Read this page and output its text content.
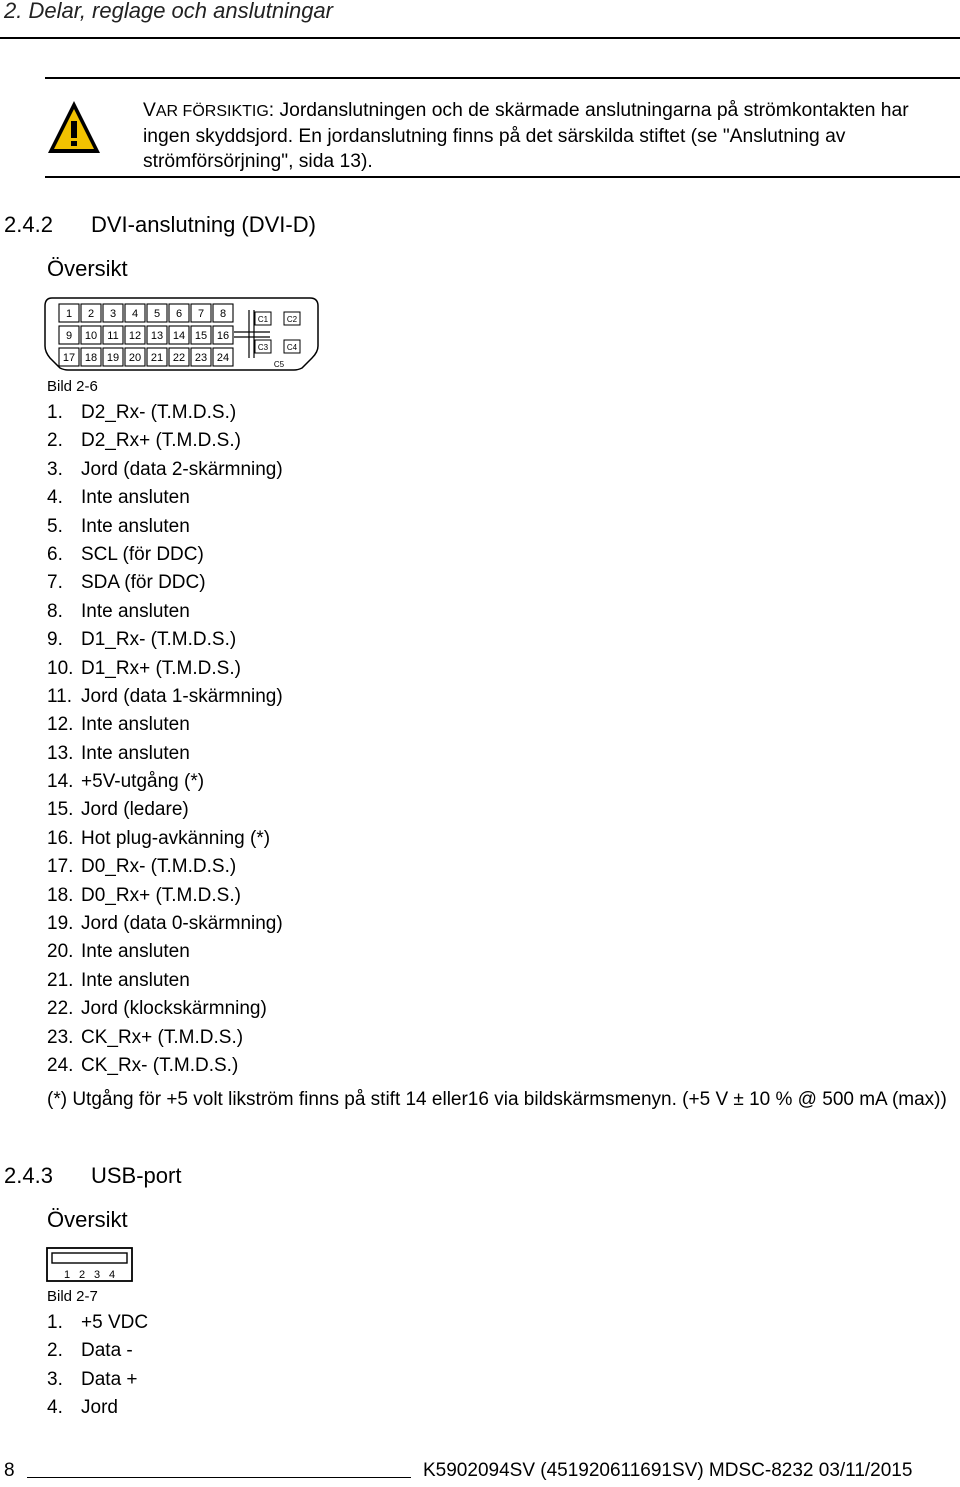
2. Delar, reglage och anslutningar
VAR FÖRSIKTIG: Jordanslutningen och de skärmade anslutningarna på strömkontakten har ingen skyddsjord. En jordanslutning finns på det särskilda stiftet (se "Anslutning av strömförsörjning", sida 13).
2.4.2 DVI-anslutning (DVI-D)
Översikt
1 2 3 4 5 6 7 8
9 10 11 12 13 14 15 16
17 18 19 20 21 22 23 24
C1 C2
C3 C4
C5
Bild 2-6
1. D2_Rx- (T.M.D.S.)
2. D2_Rx+ (T.M.D.S.)
3. Jord (data 2-skärmning)
4. Inte ansluten
5. Inte ansluten
6. SCL (för DDC)
7. SDA (för DDC)
8. Inte ansluten
9. D1_Rx- (T.M.D.S.)
10. D1_Rx+ (T.M.D.S.)
11. Jord (data 1-skärmning)
12. Inte ansluten
13. Inte ansluten
14. +5V-utgång (*)
15. Jord (ledare)
16. Hot plug-avkänning (*)
17. D0_Rx- (T.M.D.S.)
18. D0_Rx+ (T.M.D.S.)
19. Jord (data 0-skärmning)
20. Inte ansluten
21. Inte ansluten
22. Jord (klockskärmning)
23. CK_Rx+ (T.M.D.S.)
24. CK_Rx- (T.M.D.S.)
(*) Utgång för +5 volt likström finns på stift 14 eller16 via bildskärmsmenyn. (+5 V ± 10 % @ 500 mA (max))
2.4.3 USB-port
Översikt
1 2 3 4
Bild 2-7
1. +5 VDC
2. Data -
3. Data +
4. Jord
8	K5902094SV (451920611691SV) MDSC-8232 03/11/2015
